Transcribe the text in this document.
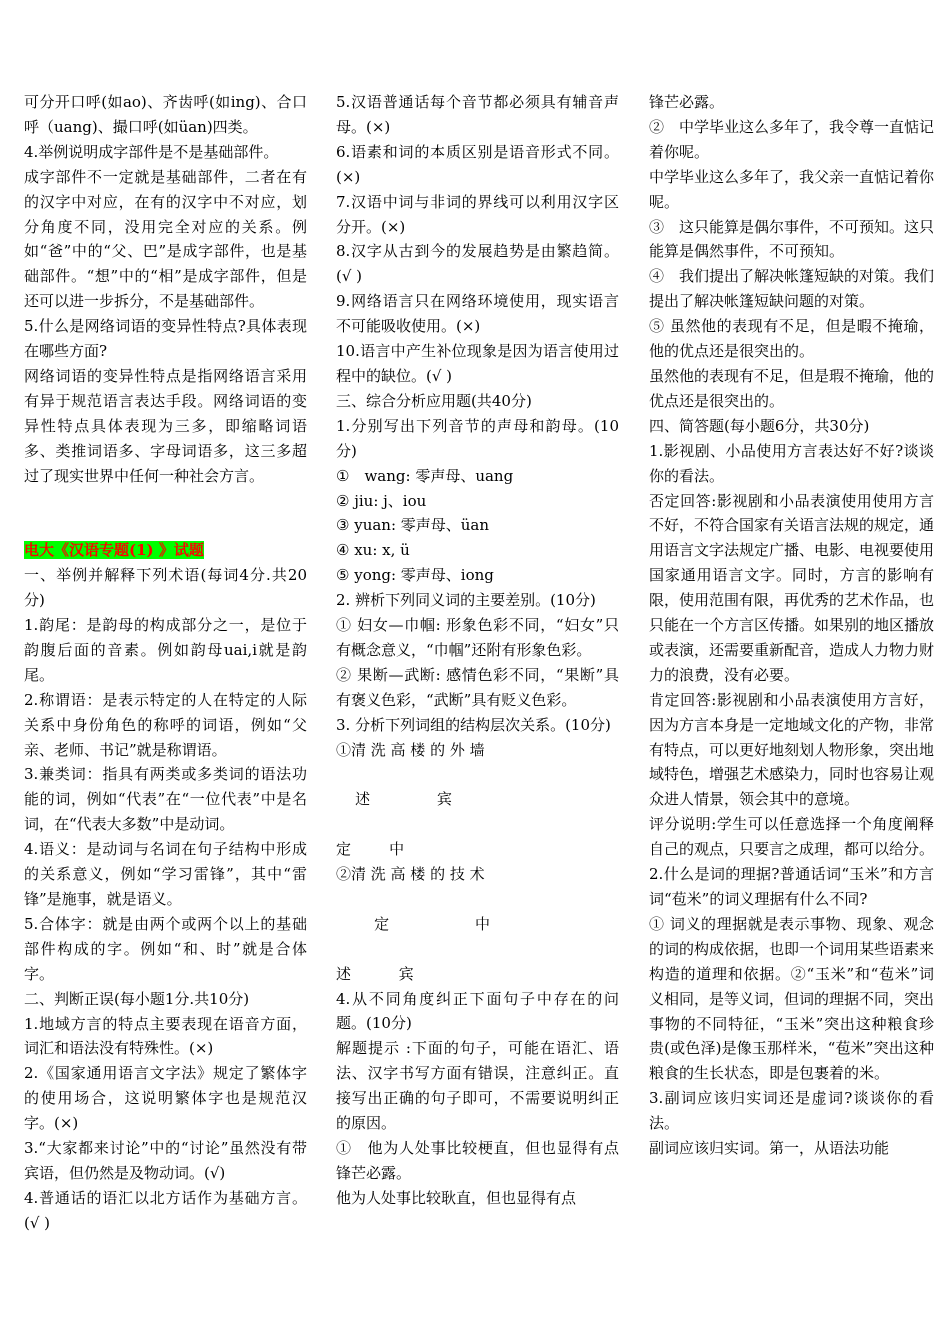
可分开口呼(如ao)、齐齿呼(如ing)、合口呼（uang)、撮口呼(如üan)四类。

4.举例说明成字部件是不是基础部件。

成字部件不一定就是基础部件，二者在有的汉字中对应，在有的汉字中不对应，划分角度不同，没用完全对应的关系。例如“爸”中的“父、巴”是成字部件，也是基础部件。“想”中的“相”是成字部件，但是还可以进一步拆分，不是基础部件。

5.什么是网络词语的变异性特点?具体表现在哪些方面?

网络词语的变异性特点是指网络语言采用有异于规范语言表达手段。网络词语的变异性特点具体表现为三多，即缩略词语多、类推词语多、字母词语多，这三多超过了现实世界中任何一种社会方言。

电大《汉语专题(1) 》试题

一、举例并解释下列术语(每词4分.共20分)

1.韵尾：是韵母的构成部分之一，是位于韵腹后面的音素。例如韵母uai,i就是韵尾。

2.称谓语：是表示特定的人在特定的人际关系中身份角色的称呼的词语，例如“父亲、老师、书记”就是称谓语。

3.兼类词：指具有两类或多类词的语法功能的词，例如“代表”在“一位代表”中是名词，在“代表大多数”中是动词。

4.语义：是动词与名词在句子结构中形成的关系意义，例如“学习雷锋”，其中“雷锋”是施事，就是语义。

5.合体字：就是由两个或两个以上的基础部件构成的字。例如“和、时”就是合体字。

二、判断正误(每小题1分.共10分)

1.地域方言的特点主要表现在语音方面，词汇和语法没有特殊性。(×)

2.《国家通用语言文字法》规定了繁体字的使用场合，这说明繁体字也是规范汉字。(×)

3.“大家都来讨论”中的“讨论”虽然没有带宾语，但仍然是及物动词。(√)

4.普通话的语汇以北方话作为基础方言。(√ )

5.汉语普通话每个音节都必须具有辅音声母。(×)

6.语素和词的本质区别是语音形式不同。(×)

7.汉语中词与非词的界线可以利用汉字区分开。(×)

8.汉字从古到今的发展趋势是由繁趋简。(√ )

9.网络语言只在网络环境使用，现实语言不可能吸收使用。(×)

10.语言中产生补位现象是因为语言使用过程中的缺位。(√ )

三、综合分析应用题(共40分)

1.分别写出下列音节的声母和韵母。(10分)

①　wang: 零声母、uang

② jiu: j、iou

③ yuan: 零声母、üan

④ xu: x, ü

⑤ yong: 零声母、iong

2. 辨析下列同义词的主要差别。(10分)

① 妇女—巾帼: 形象色彩不同，“妇女”只有概念意义，“巾帼”还附有形象色彩。

② 果断—武断: 感情色彩不同，“果断”具有褒义色彩，“武断”具有贬义色彩。

3. 分析下列词组的结构层次关系。(10分)

①清 洗 高 楼 的 外 墙

述              宾

定        中

②清 洗 高 楼 的 技 术

定                  中

述          宾

4.从不同角度纠正下面句子中存在的问题。(10分)

解题提示 :下面的句子，可能在语汇、语法、汉字书写方面有错误，注意纠正。直接写出正确的句子即可，不需要说明纠正的原因。

①　他为人处事比较梗直，但也显得有点锋芒必露。

他为人处事比较耿直，但也显得有点

锋芒必露。

②　中学毕业这么多年了，我令尊一直惦记着你呢。

中学毕业这么多年了，我父亲一直惦记着你呢。

③　这只能算是偶尔事件，不可预知。这只能算是偶然事件，不可预知。

④　我们提出了解决帐篷短缺的对策。我们提出了解决帐篷短缺问题的对策。

⑤ 虽然他的表现有不足，但是暇不掩瑜，他的优点还是很突出的。

虽然他的表现有不足，但是瑕不掩瑜，他的优点还是很突出的。

四、简答题(每小题6分，共30分)

1.影视剧、小品使用方言表达好不好?谈谈你的看法。

否定回答:影视剧和小品表演使用使用方言不好，不符合国家有关语言法规的规定，通用语言文字法规定广播、电影、电视要使用国家通用语言文字。同时，方言的影响有限，使用范围有限，再优秀的艺术作品，也只能在一个方言区传播。如果别的地区播放或表演，还需要重新配音，造成人力物力财力的浪费，没有必要。

肯定回答:影视剧和小品表演使用方言好，因为方言本身是一定地域文化的产物，非常有特点，可以更好地刻划人物形象，突出地域特色，增强艺术感染力，同时也容易让观众进人情景，领会其中的意境。

评分说明:学生可以任意选择一个角度阐释自己的观点，只要言之成理，都可以给分。

2.什么是词的理据?普通话词“玉米”和方言词“苞米”的词义理据有什么不同?

① 词义的理据就是表示事物、现象、观念的词的构成依据，也即一个词用某些语素来构造的道理和依据。②“玉米”和“苞米”词义相同，是等义词，但词的理据不同，突出事物的不同特征，“玉米”突出这种粮食珍贵(或色泽)是像玉那样米，“苞米”突出这种粮食的生长状态，即是包裹着的米。

3.副词应该归实词还是虚词?谈谈你的看法。

副词应该归实词。第一，从语法功能
